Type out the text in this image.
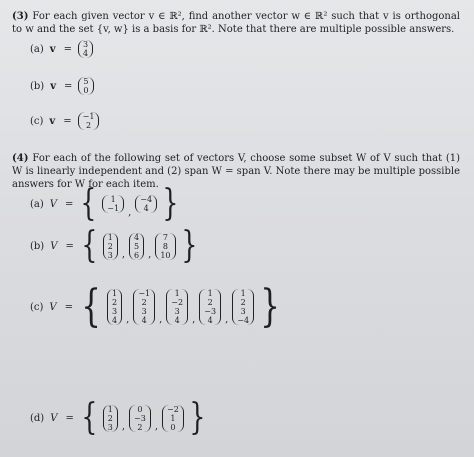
(3) For each given vector v ∈ ℝ², find another vector w ∈ ℝ² such that v is orthogonal to w and the set {v, w} is a basis for ℝ². Note that there are multiple possible answers.
(a) v = 3
4
(b) v = 5
0
(c) v = −1
2
(4) For each of the following set of vectors V, choose some subset W of V such that (1) W is linearly independent and (2) span W = span V. Note there may be multiple possible answers for W for each item.
(a) V = { 1
−1 ,
−4
4 }
(b) V = { 1
2
3 ,
4
5
6 ,
7
8
10 }
(c) V = { 1
2
3
4 ,
−1
2
3
4 ,
1
−2
3
4 ,
1
2
−3
4 ,
1
2
3
−4 }
(d) V = { 1
2
3 ,
0
−3
2 ,
−2
1
0 }
